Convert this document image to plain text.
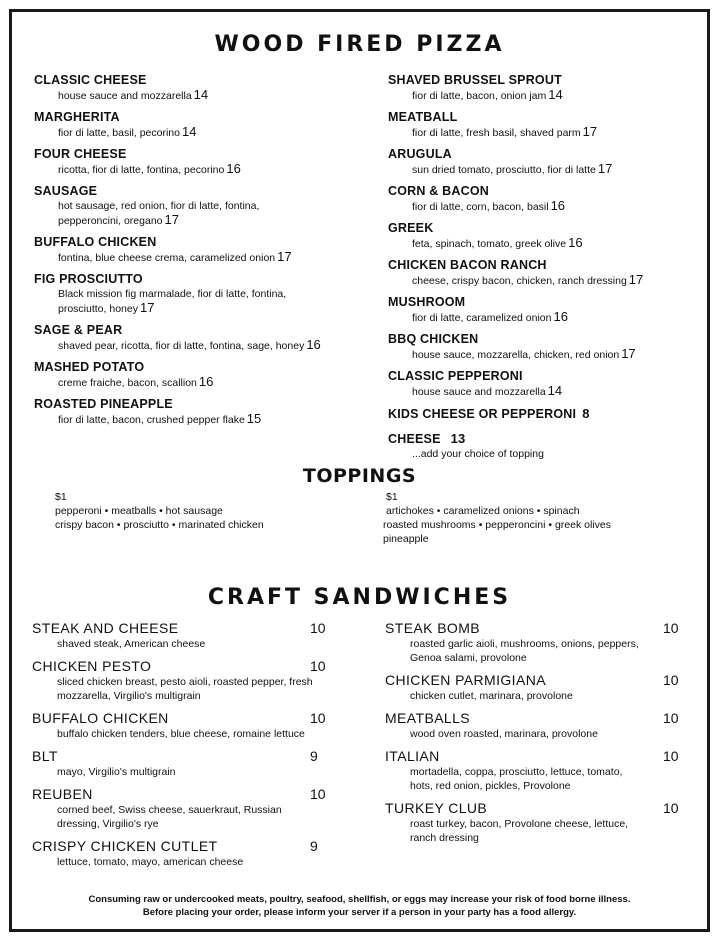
WOOD FIRED PIZZA
CLASSIC CHEESE
house sauce and mozzarella 14
MARGHERITA
fior di latte, basil, pecorino 14
FOUR CHEESE
ricotta, fior di latte, fontina, pecorino 16
SAUSAGE
hot sausage, red onion, fior di latte, fontina,
pepperoncini, oregano 17
BUFFALO CHICKEN
fontina, blue cheese crema, caramelized onion 17
FIG PROSCIUTTO
Black mission fig marmalade, fior di latte, fontina,
prosciutto, honey 17
SAGE & PEAR
shaved pear, ricotta, fior di latte, fontina, sage, honey 16
MASHED POTATO
creme fraiche, bacon, scallion 16
ROASTED PINEAPPLE
fior di latte, bacon, crushed pepper flake 15
SHAVED BRUSSEL SPROUT
fior di latte, bacon, onion jam 14
MEATBALL
fior di latte, fresh basil, shaved parm 17
ARUGULA
sun dried tomato, prosciutto, fior di latte 17
CORN & BACON
fior di latte, corn, bacon, basil 16
GREEK
feta, spinach, tomato, greek olive 16
CHICKEN BACON RANCH
cheese, crispy bacon, chicken, ranch dressing 17
MUSHROOM
fior di latte, caramelized onion 16
BBQ CHICKEN
house sauce, mozzarella, chicken, red onion 17
CLASSIC PEPPERONI
house sauce and mozzarella 14
KIDS CHEESE OR PEPPERONI 8
CHEESE 13
...add your choice of topping
TOPPINGS
$1
pepperoni • meatballs • hot sausage
crispy bacon • prosciutto • marinated chicken
$1
artichokes • caramelized onions • spinach
roasted mushrooms • pepperoncini • greek olives
pineapple
CRAFT SANDWICHES
STEAK AND CHEESE	10
shaved steak, American cheese
CHICKEN PESTO	10
sliced chicken breast, pesto aioli, roasted pepper, fresh
mozzarella, Virgilio's multigrain
BUFFALO CHICKEN	10
buffalo chicken tenders, blue cheese, romaine lettuce
BLT	9
mayo, Virgilio's multigrain
REUBEN	10
corned beef, Swiss cheese, sauerkraut, Russian
dressing, Virgilio's rye
CRISPY CHICKEN CUTLET	9
lettuce, tomato, mayo, american cheese
STEAK BOMB	10
roasted garlic aioli, mushrooms, onions, peppers,
Genoa salami, provolone
CHICKEN PARMIGIANA	10
chicken cutlet, marinara, provolone
MEATBALLS	10
wood oven roasted, marinara, provolone
ITALIAN	10
mortadella, coppa, prosciutto, lettuce, tomato,
hots, red onion, pickles, Provolone
TURKEY CLUB	10
roast turkey, bacon, Provolone cheese, lettuce,
ranch dressing
Consuming raw or undercooked meats, poultry, seafood, shellfish, or eggs may increase your risk of food borne illness.
Before placing your order, please inform your server if a person in your party has a food allergy.
